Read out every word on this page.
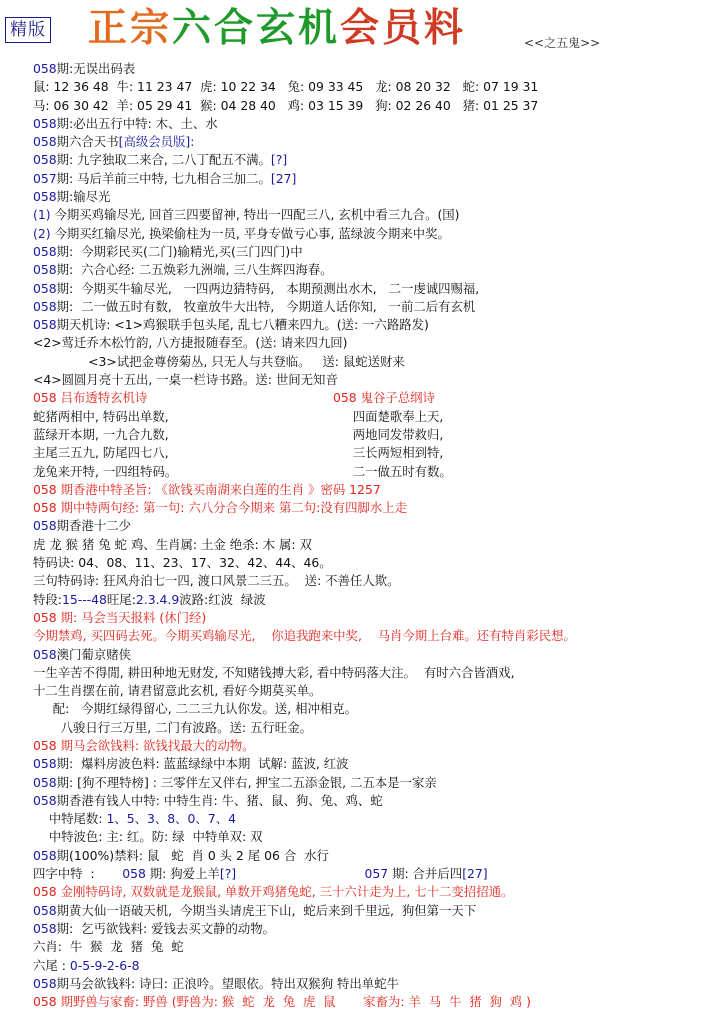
精版 正宗六合玄机会员料	<<之五鬼>>
058期:无误出码表
鼠: 12 36 48  牛: 11 23 47  虎: 10 22 34   兔: 09 33 45   龙: 08 20 32   蛇: 07 19 31
马: 06 30 42  羊: 05 29 41  猴: 04 28 40   鸡: 03 15 39   狗: 02 26 40   猪: 01 25 37
058期:必出五行中特: 木、土、水
058期六合天书[高级会员版]:
058期: 九字独取二来合, 二八丁配五不满。[?]
057期: 马后羊前三中特, 七九相合三加二。[27]
058期:输尽光
(1) 今期买鸡输尽光, 回首三四要留神, 特出一四配三八, 玄机中看三九合。(国)
(2) 今期买红输尽光, 换梁偷柱为一员, 平身专做亏心事, 蓝绿波今期来中奖。
058期:  今期彩民买(二门)输精光,买(三门四门)中
058期:  六合心经: 二五焕彩九洲端, 三八生辉四海春。
058期:  今期买牛输尽光,   一四两边猜特码,   本期预测出水木,   二一虔诚四赐福,
058期:  二一做五时有数,   牧童放牛大出特,   今期道人话你知,   一前二后有玄机
058期天机诗: <1>鸡猴联手包头尾, 乱七八糟来四九。(送: 一六路路发)
<2>莺迁乔木松竹韵, 八方捷报随春至。(送: 请来四九回)
<3>试把金尊傍菊丛, 只无人与共登临。   送: 鼠蛇送财来
<4>圆圆月亮十五出, 一桌一栏诗书路。送: 世间无知音
058 吕布透特玄机诗	058 鬼谷子总纲诗
蛇猪两相中, 特码出单数,	四面楚歌奉上天,
蓝绿开本期, 一九合九数,	两地同发带救归,
主尾三五九, 防尾四七八,	三长两短相到特,
龙兔来开特, 一四组特码。	二一做五时有数。
058 期香港中特圣旨: 《欲钱买南湖来白莲的生肖 》密码 1257
058 期中特两句经: 第一句: 六八分合今期来 第二句:没有四脚水上走
058期香港十二少
虎 龙 猴 猪 兔 蛇 鸡、生肖属: 土金 绝杀: 木 属: 双
特码诀: 04、08、11、23、17、32、42、44、46。
三句特码诗: 狂风舟泊七一四, 渡口风景二三五。  送: 不善任人欺。
特段:15---48旺尾:2.3.4.9波路:红波  绿波
058 期: 马会当天报料 (休门经)
今期禁鸡, 买四码去死。今期买鸡输尽光,    你追我跑来中奖,    马肖今期上台难。还有特肖彩民想。
058澳门葡京赌侠
一生辛苦不得閒, 耕田种地无财发, 不知赌钱搏大彩, 看中特码落大注。  有时六合皆酒戏,
十二生肖摆在前, 请君留意此玄机, 看好今期莫买单。
配:   今期红绿得留心, 二二三九认你发。送, 相冲相克。
八骏日行三万里, 二门有波路。送: 五行旺金。
058 期马会欲钱料: 欲钱找最大的动物。
058期:  爆料房波色料: 蓝蓝绿绿中本期  试解: 蓝波, 红波
058期: [狗不理特榜] : 三零伴左又伴右, 押宝二五添金银, 二五本是一家亲
058期香港有钱人中特: 中特生肖: 牛、猪、鼠、狗、兔、鸡、蛇
中特尾数: 1、5、3、8、0、7、4
中特波色: 主: 红。防: 绿  中特单双: 双
058期(100%)禁料: 鼠   蛇  肖 0 头 2 尾 06 合  水行
四字中特  :       058 期: 狗爱上羊[?]	057 期: 合并后四[27]
058 金刚特码诗, 双数就是龙猴鼠, 单数开鸡猪兔蛇, 三十六计走为上, 七十二变招招通。
058期黄大仙一语破天机,  今期当头请虎王下山,  蛇后来到千里远,  狗但第一天下
058期:  乞丐欲钱料: 爱钱去买文静的动物。
六肖:  牛  猴  龙  猪  兔  蛇
六尾 : 0-5-9-2-6-8
058期马会欲钱料: 诗曰: 正浪吟。望眼依。特出双猴狗 特出单蛇牛
058 期野兽与家畜: 野兽 (野兽为: 猴  蛇  龙  兔  虎  鼠       家畜为: 羊  马  牛  猪  狗  鸡 )
